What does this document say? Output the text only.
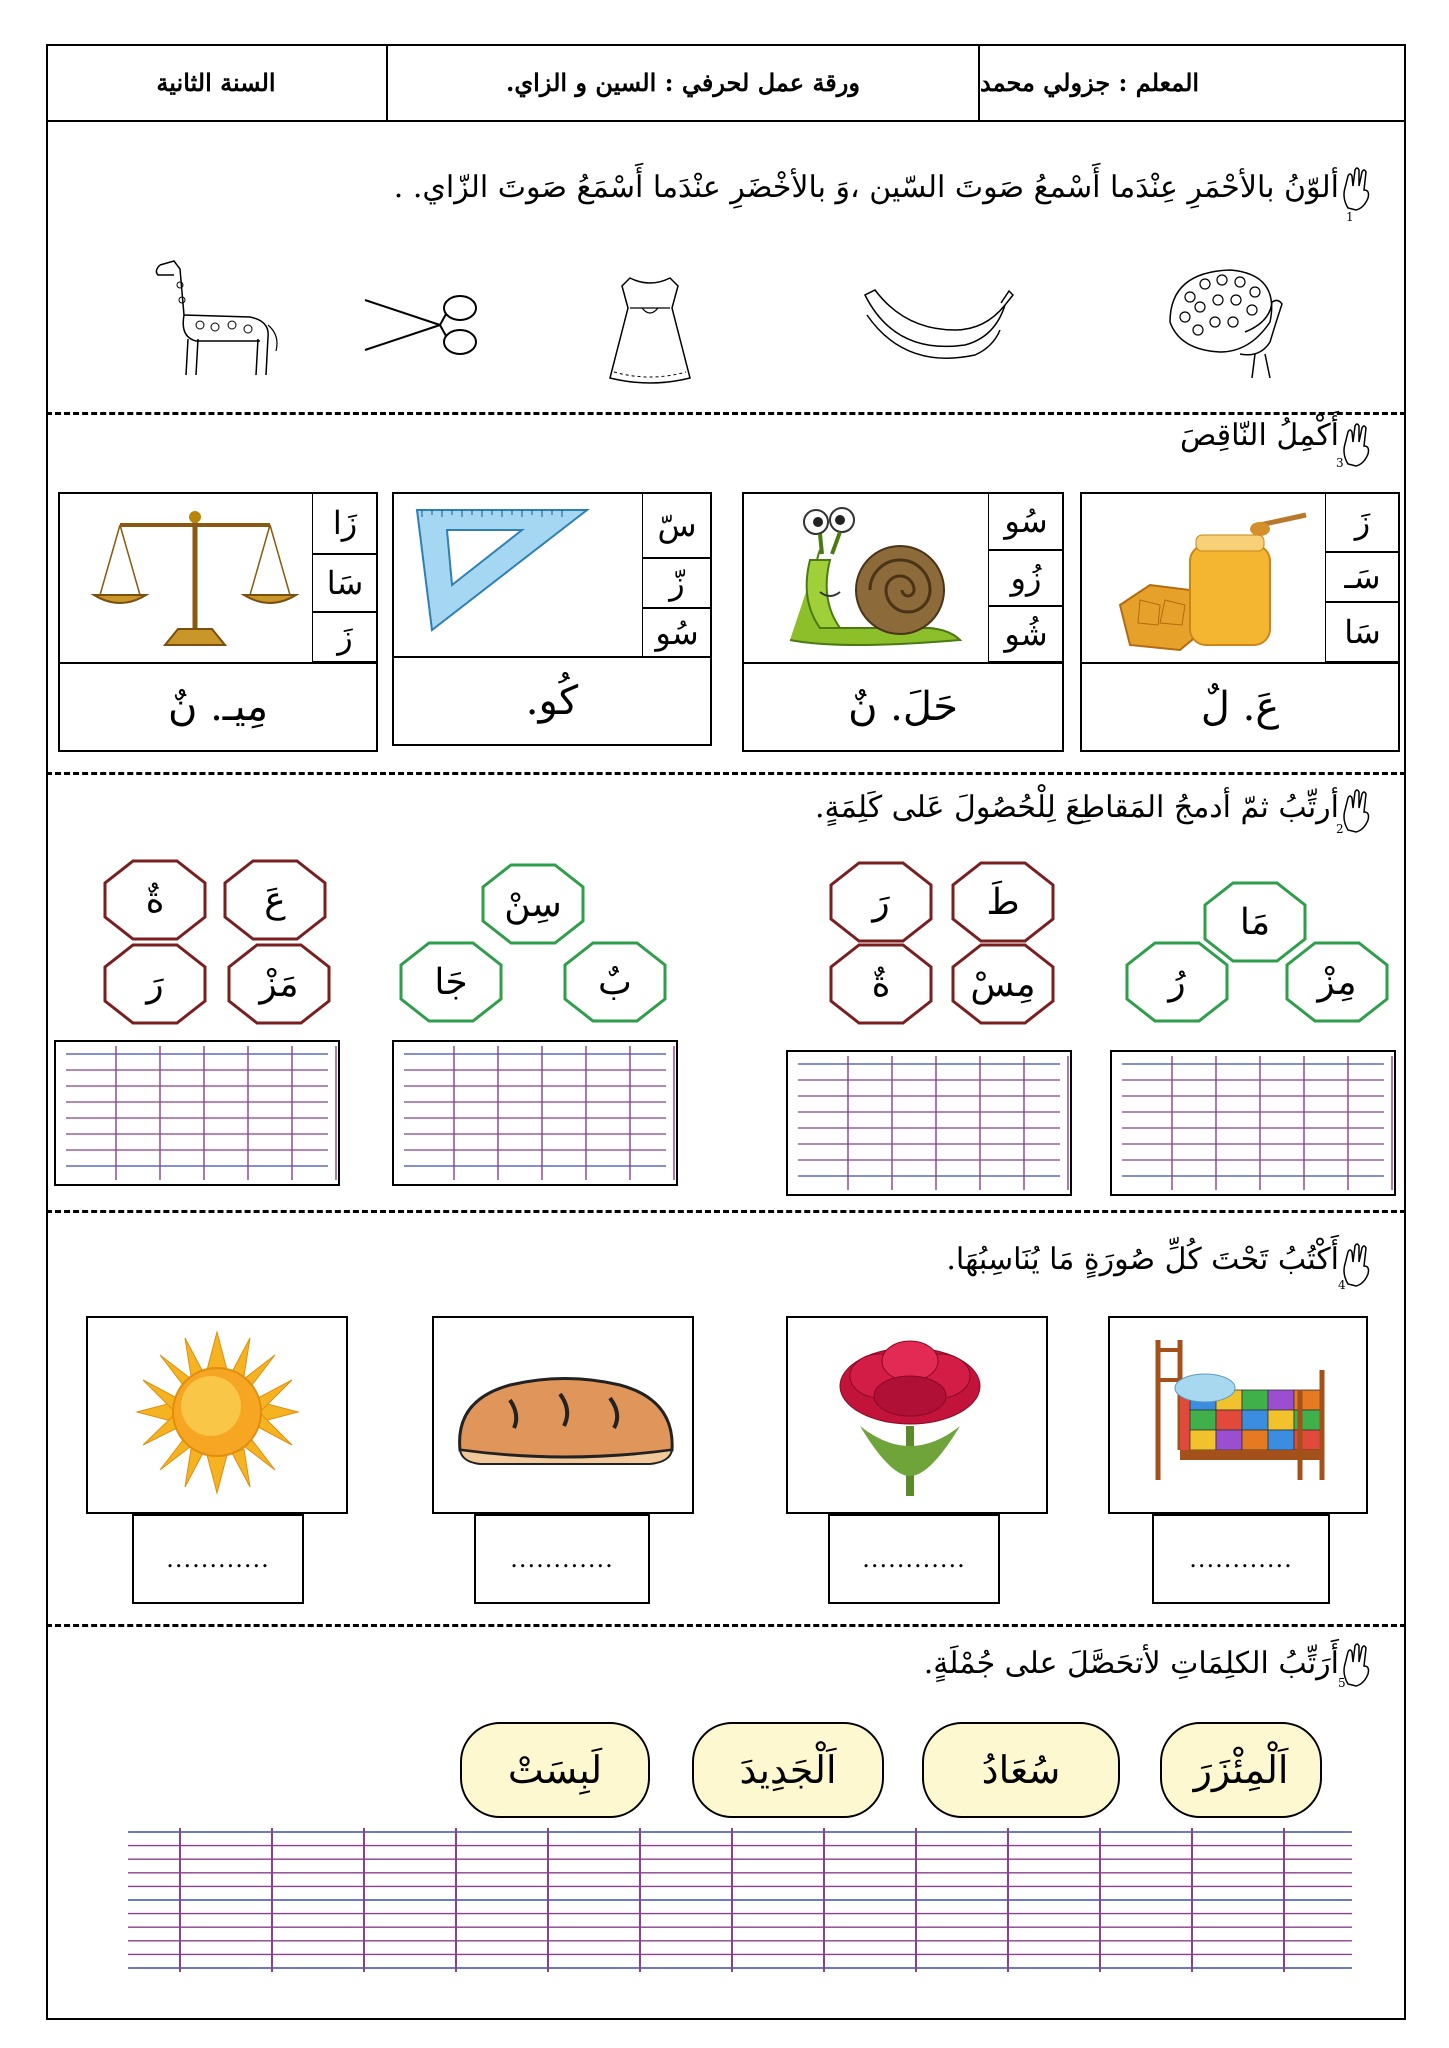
المعلم : جزولي محمد
ورقة عمل لحرفي : السين و الزاي.
السنة الثانية
1
ألوّنُ بالأحْمَرِ عِنْدَما أَسْمعُ صَوتَ السّين ،وَ بالأخْضَرِ عنْدَما أَسْمَعُ صَوتَ الزّاي. .
3
أَكْمِلُ النّاقِصَ
زَ
سَـ
سَا
عَ. لٌ
سُو
زُو
شُو
حَلَ. نٌ
سّ
زّ
سُو
كُو.
زَا
سَا
زَ
مِيـ. نٌ
2
أرتِّبُ ثمّ أدمجُ المَقاطِعَ لِلْحُصُولَ عَلى كَلِمَةٍ.
مَا
رُ	مِزْ
طَ
رَ
ةٌ مِسْ
سِنْ
جَا	بٌ
عَ
ةٌ
رَ	مَزْ
4
أَكْتُبُ تَحْتَ كُلِّ صُورَةٍ مَا يُنَاسِبُهَا.
............
............
............
............
5
أَرَتِّبُ الكلِمَاتِ لأتحَصَّلَ على جُمْلَةٍ.
اَلْمِئْزَرَ
سُعَادُ
اَلْجَدِيدَ
لَبِسَتْ
